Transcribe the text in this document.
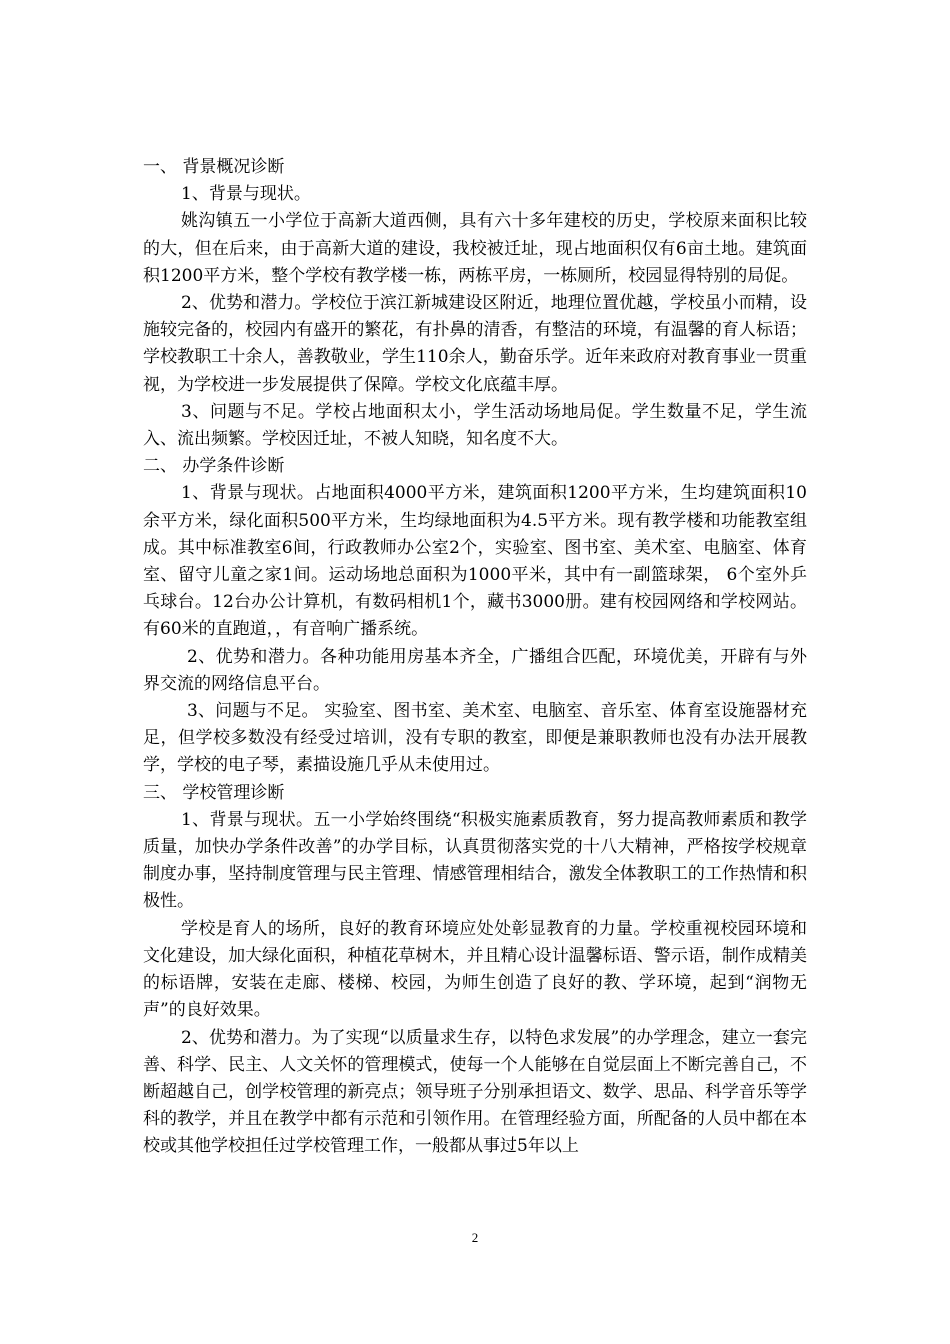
一、 背景概况诊断

1、背景与现状。

姚沟镇五一小学位于高新大道西侧，具有六十多年建校的历史，学校原来面积比较的大，但在后来，由于高新大道的建设，我校被迁址，现占地面积仅有6亩土地。建筑面积1200平方米，整个学校有教学楼一栋，两栋平房，一栋厕所，校园显得特别的局促。

2、优势和潜力。学校位于滨江新城建设区附近，地理位置优越，学校虽小而精，设施较完备的，校园内有盛开的繁花，有扑鼻的清香，有整洁的环境，有温馨的育人标语；学校教职工十余人，善教敬业，学生110余人，勤奋乐学。近年来政府对教育事业一贯重视，为学校进一步发展提供了保障。学校文化底蕴丰厚。

3、问题与不足。学校占地面积太小，学生活动场地局促。学生数量不足，学生流入、流出频繁。学校因迁址，不被人知晓，知名度不大。

二、 办学条件诊断

1、背景与现状。占地面积4000平方米，建筑面积1200平方米，生均建筑面积10余平方米，绿化面积500平方米，生均绿地面积为4.5平方米。现有教学楼和功能教室组成。其中标准教室6间，行政教师办公室2个，实验室、图书室、美术室、电脑室、体育室、留守儿童之家1间。运动场地总面积为1000平米，其中有一副篮球架， 6个室外乒乓球台。12台办公计算机，有数码相机1个，藏书3000册。建有校园网络和学校网站。有60米的直跑道，，有音响广播系统。

2、优势和潜力。各种功能用房基本齐全，广播组合匹配，环境优美，开辟有与外界交流的网络信息平台。

3、问题与不足。 实验室、图书室、美术室、电脑室、音乐室、体育室设施器材充足，但学校多数没有经受过培训，没有专职的教室，即便是兼职教师也没有办法开展教学，学校的电子琴，素描设施几乎从未使用过。

三、 学校管理诊断

1、背景与现状。五一小学始终围绕“积极实施素质教育，努力提高教师素质和教学质量，加快办学条件改善”的办学目标，认真贯彻落实党的十八大精神，严格按学校规章制度办事，坚持制度管理与民主管理、情感管理相结合，激发全体教职工的工作热情和积极性。

学校是育人的场所，良好的教育环境应处处彰显教育的力量。学校重视校园环境和文化建设，加大绿化面积，种植花草树木，并且精心设计温馨标语、警示语，制作成精美的标语牌，安装在走廊、楼梯、校园，为师生创造了良好的教、学环境，起到“润物无声”的良好效果。

2、优势和潜力。为了实现“以质量求生存，以特色求发展”的办学理念，建立一套完善、科学、民主、人文关怀的管理模式，使每一个人能够在自觉层面上不断完善自己，不断超越自己，创学校管理的新亮点；领导班子分别承担语文、数学、思品、科学音乐等学科的教学，并且在教学中都有示范和引领作用。在管理经验方面，所配备的人员中都在本校或其他学校担任过学校管理工作，一般都从事过5年以上

2
